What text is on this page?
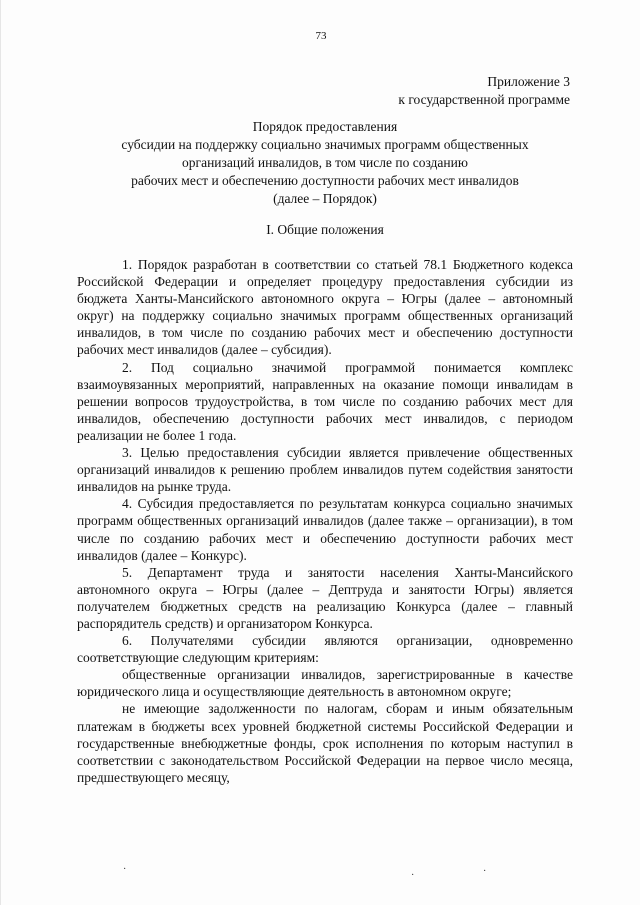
73
Приложение 3
к государственной программе
Порядок предоставления
субсидии на поддержку социально значимых программ общественных
организаций инвалидов, в том числе по созданию
рабочих мест и обеспечению доступности рабочих мест инвалидов
(далее – Порядок)
I. Общие положения

1. Порядок разработан в соответствии со статьей 78.1 Бюджетного кодекса Российской Федерации и определяет процедуру предоставления субсидии из бюджета Ханты-Мансийского автономного округа – Югры (далее – автономный округ) на поддержку социально значимых программ общественных организаций инвалидов, в том числе по созданию рабочих мест и обеспечению доступности рабочих мест инвалидов (далее – субсидия).

2. Под социально значимой программой понимается комплекс взаимоувязанных мероприятий, направленных на оказание помощи инвалидам в решении вопросов трудоустройства, в том числе по созданию рабочих мест для инвалидов, обеспечению доступности рабочих мест инвалидов, с периодом реализации не более 1 года.

3. Целью предоставления субсидии является привлечение общественных организаций инвалидов к решению проблем инвалидов путем содействия занятости инвалидов на рынке труда.

4. Субсидия предоставляется по результатам конкурса социально значимых программ общественных организаций инвалидов (далее также – организации), в том числе по созданию рабочих мест и обеспечению доступности рабочих мест инвалидов (далее – Конкурс).

5. Департамент труда и занятости населения Ханты-Мансийского автономного округа – Югры (далее – Дептруда и занятости Югры) является получателем бюджетных средств на реализацию Конкурса (далее – главный распорядитель средств) и организатором Конкурса.

6. Получателями субсидии являются организации, одновременно соответствующие следующим критериям:

общественные организации инвалидов, зарегистрированные в качестве юридического лица и осуществляющие деятельность в автономном округе;

не имеющие задолженности по налогам, сборам и иным обязательным платежам в бюджеты всех уровней бюджетной системы Российской Федерации и государственные внебюджетные фонды, срок исполнения по которым наступил в соответствии с законодательством Российской Федерации на первое число месяца, предшествующего месяцу,

·
·	·
